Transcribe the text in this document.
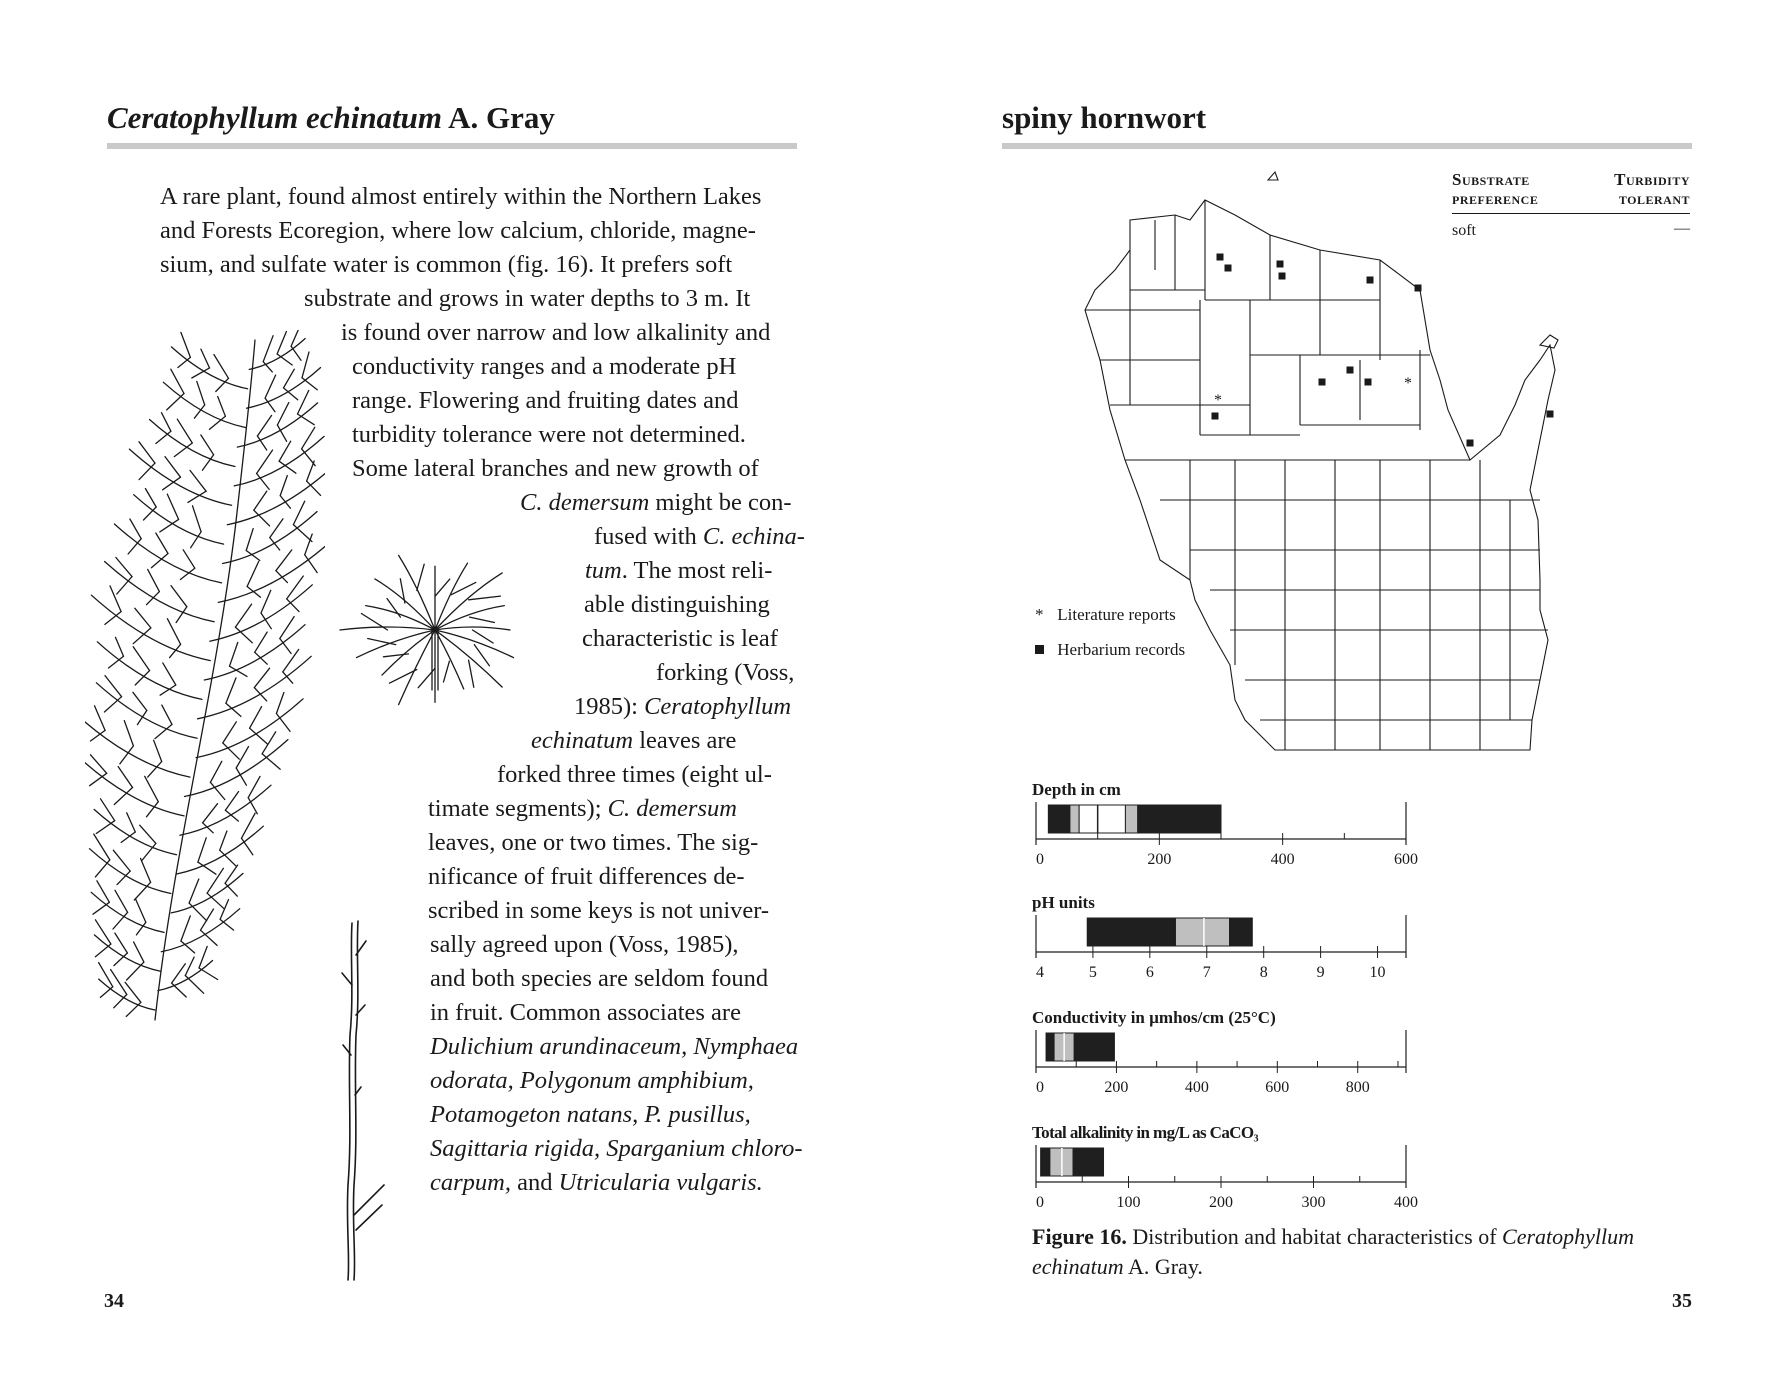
Ceratophyllum echinatum A. Gray
A rare plant, found almost entirely within the Northern Lakes
and Forests Ecoregion, where low calcium, chloride, magne-
sium, and sulfate water is common (fig. 16). It prefers soft
substrate and grows in water depths to 3 m. It
is found over narrow and low alkalinity and
conductivity ranges and a moderate pH
range. Flowering and fruiting dates and
turbidity tolerance were not determined.
Some lateral branches and new growth of
C. demersum might be con-
fused with C. echina-
tum. The most reli-
able distinguishing
characteristic is leaf
forking (Voss,
1985): Ceratophyllum
echinatum leaves are
forked three times (eight ul-
timate segments); C. demersum
leaves, one or two times. The sig-
nificance of fruit differences de-
scribed in some keys is not univer-
sally agreed upon (Voss, 1985),
and both species are seldom found
in fruit. Common associates are
Dulichium arundinaceum, Nymphaea
odorata, Polygonum amphibium,
Potamogeton natans, P. pusillus,
Sagittaria rigida, Sparganium chloro-
carpum, and Utricularia vulgaris.
34
spiny hornwort
Substrate
preference
Turbidity
tolerant
soft	—
*
*
* Literature reports
Herbarium records
Depth in cm
0	200	400	600
pH units
4	5	6	7	8	9	10
Conductivity in µmhos/cm (25°C)
0	200	400	600	800
Total alkalinity in mg/L as CaCO₃
0	100	200	300	400
Figure 16. Distribution and habitat characteristics of Ceratophyllum
echinatum A. Gray.
35
